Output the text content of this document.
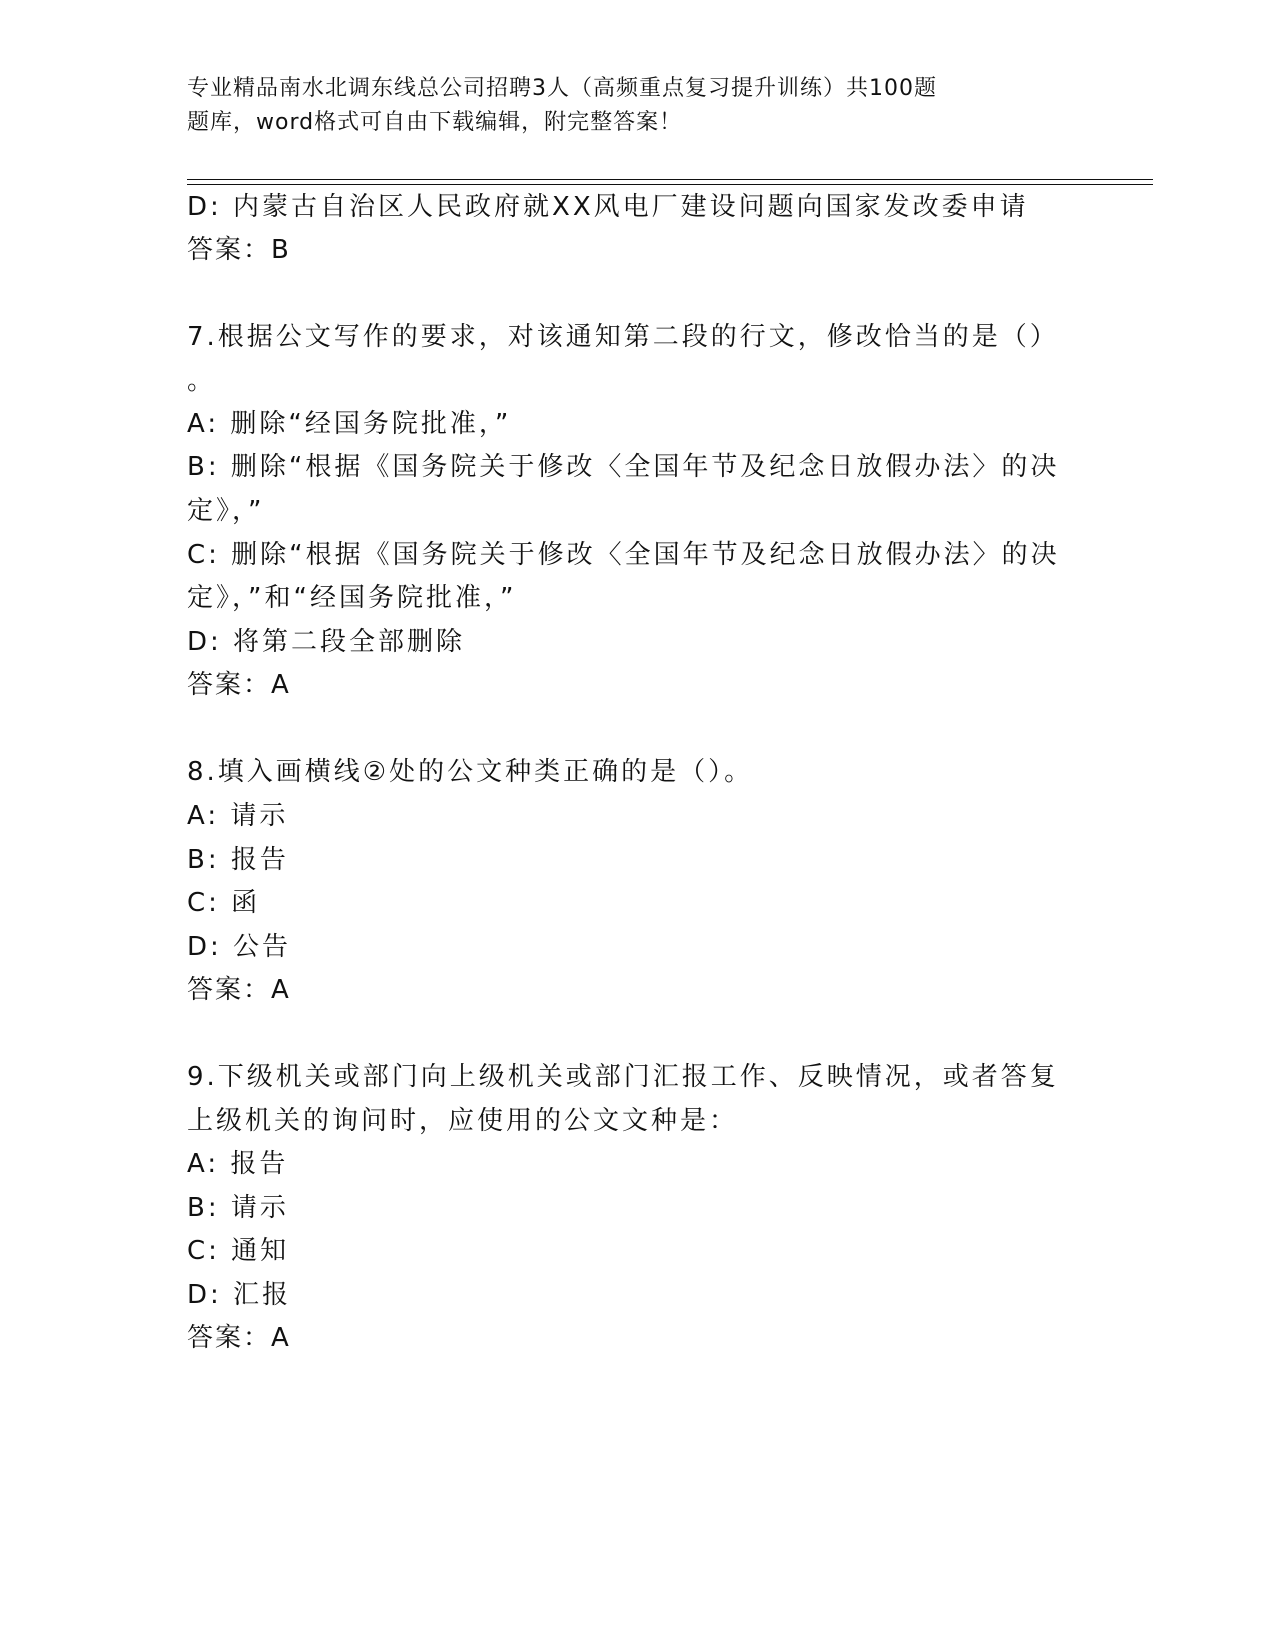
专业精品南水北调东线总公司招聘3人（高频重点复习提升训练）共100题
题库，word格式可自由下载编辑，附完整答案！
D: 内蒙古自治区人民政府就XX风电厂建设问题向国家发改委申请
答案：B
7.根据公文写作的要求，对该通知第二段的行文，修改恰当的是（）
。
A: 删除“经国务院批准，”
B: 删除“根据《国务院关于修改〈全国年节及纪念日放假办法〉的决
定》，”
C: 删除“根据《国务院关于修改〈全国年节及纪念日放假办法〉的决
定》，”和“经国务院批准，”
D: 将第二段全部删除
答案：A
8.填入画横线②处的公文种类正确的是（）。
A: 请示
B: 报告
C: 函
D: 公告
答案：A
9.下级机关或部门向上级机关或部门汇报工作、反映情况，或者答复
上级机关的询问时，应使用的公文文种是：
A: 报告
B: 请示
C: 通知
D: 汇报
答案：A
